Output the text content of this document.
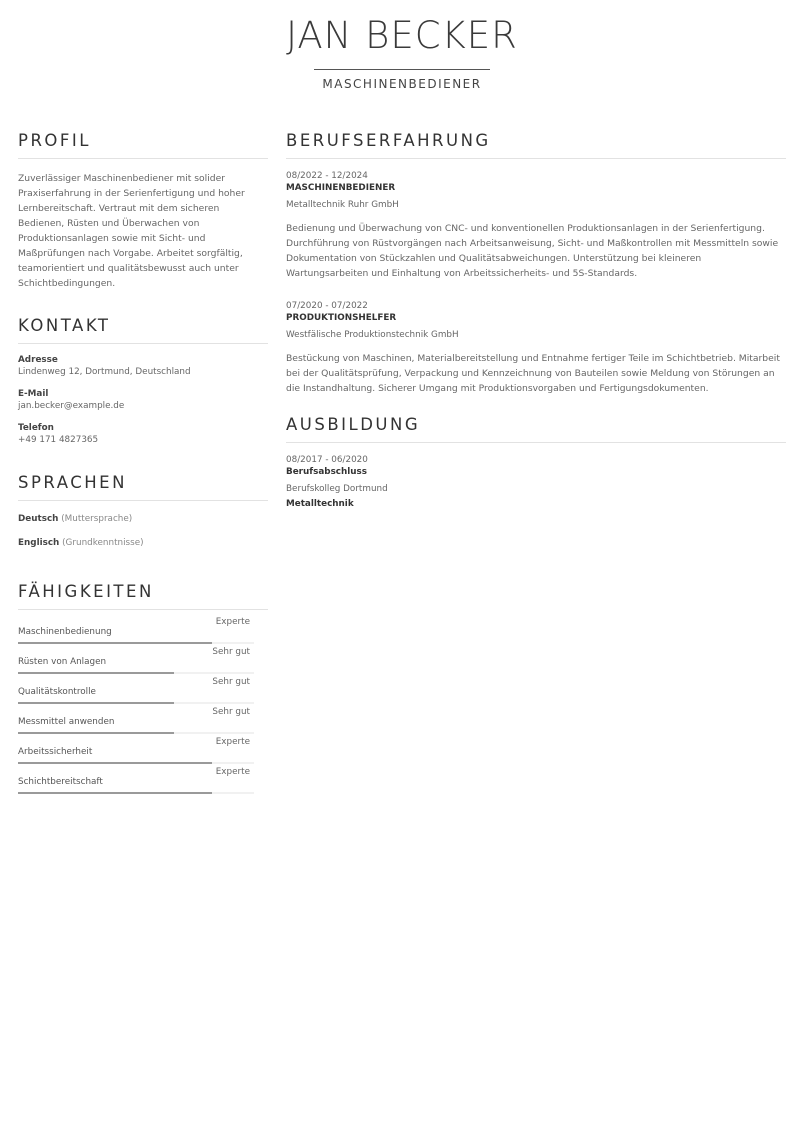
JAN BECKER
MASCHINENBEDIENER
PROFIL
Zuverlässiger Maschinenbediener mit solider Praxiserfahrung in der Serienfertigung und hoher Lernbereitschaft. Vertraut mit dem sicheren Bedienen, Rüsten und Überwachen von Produktionsanlagen sowie mit Sicht- und Maßprüfungen nach Vorgabe. Arbeitet sorgfältig, teamorientiert und qualitätsbewusst auch unter Schichtbedingungen.
KONTAKT
Adresse
Lindenweg 12, Dortmund, Deutschland
E-Mail
jan.becker@example.de
Telefon
+49 171 4827365
SPRACHEN
Deutsch (Muttersprache)
Englisch (Grundkenntnisse)
FÄHIGKEITEN
Maschinenbedienung
Experte
Rüsten von Anlagen
Sehr gut
Qualitätskontrolle
Sehr gut
Messmittel anwenden
Sehr gut
Arbeitssicherheit
Experte
Schichtbereitschaft
Experte
BERUFSERFAHRUNG
08/2022 - 12/2024
MASCHINENBEDIENER
Metalltechnik Ruhr GmbH
Bedienung und Überwachung von CNC- und konventionellen Produktionsanlagen in der Serienfertigung. Durchführung von Rüstvorgängen nach Arbeitsanweisung, Sicht- und Maßkontrollen mit Messmitteln sowie Dokumentation von Stückzahlen und Qualitätsabweichungen. Unterstützung bei kleineren Wartungsarbeiten und Einhaltung von Arbeitssicherheits- und 5S-Standards.
07/2020 - 07/2022
PRODUKTIONSHELFER
Westfälische Produktionstechnik GmbH
Bestückung von Maschinen, Materialbereitstellung und Entnahme fertiger Teile im Schichtbetrieb. Mitarbeit bei der Qualitätsprüfung, Verpackung und Kennzeichnung von Bauteilen sowie Meldung von Störungen an die Instandhaltung. Sicherer Umgang mit Produktionsvorgaben und Fertigungsdokumenten.
AUSBILDUNG
08/2017 - 06/2020
Berufsabschluss
Berufskolleg Dortmund
Metalltechnik
